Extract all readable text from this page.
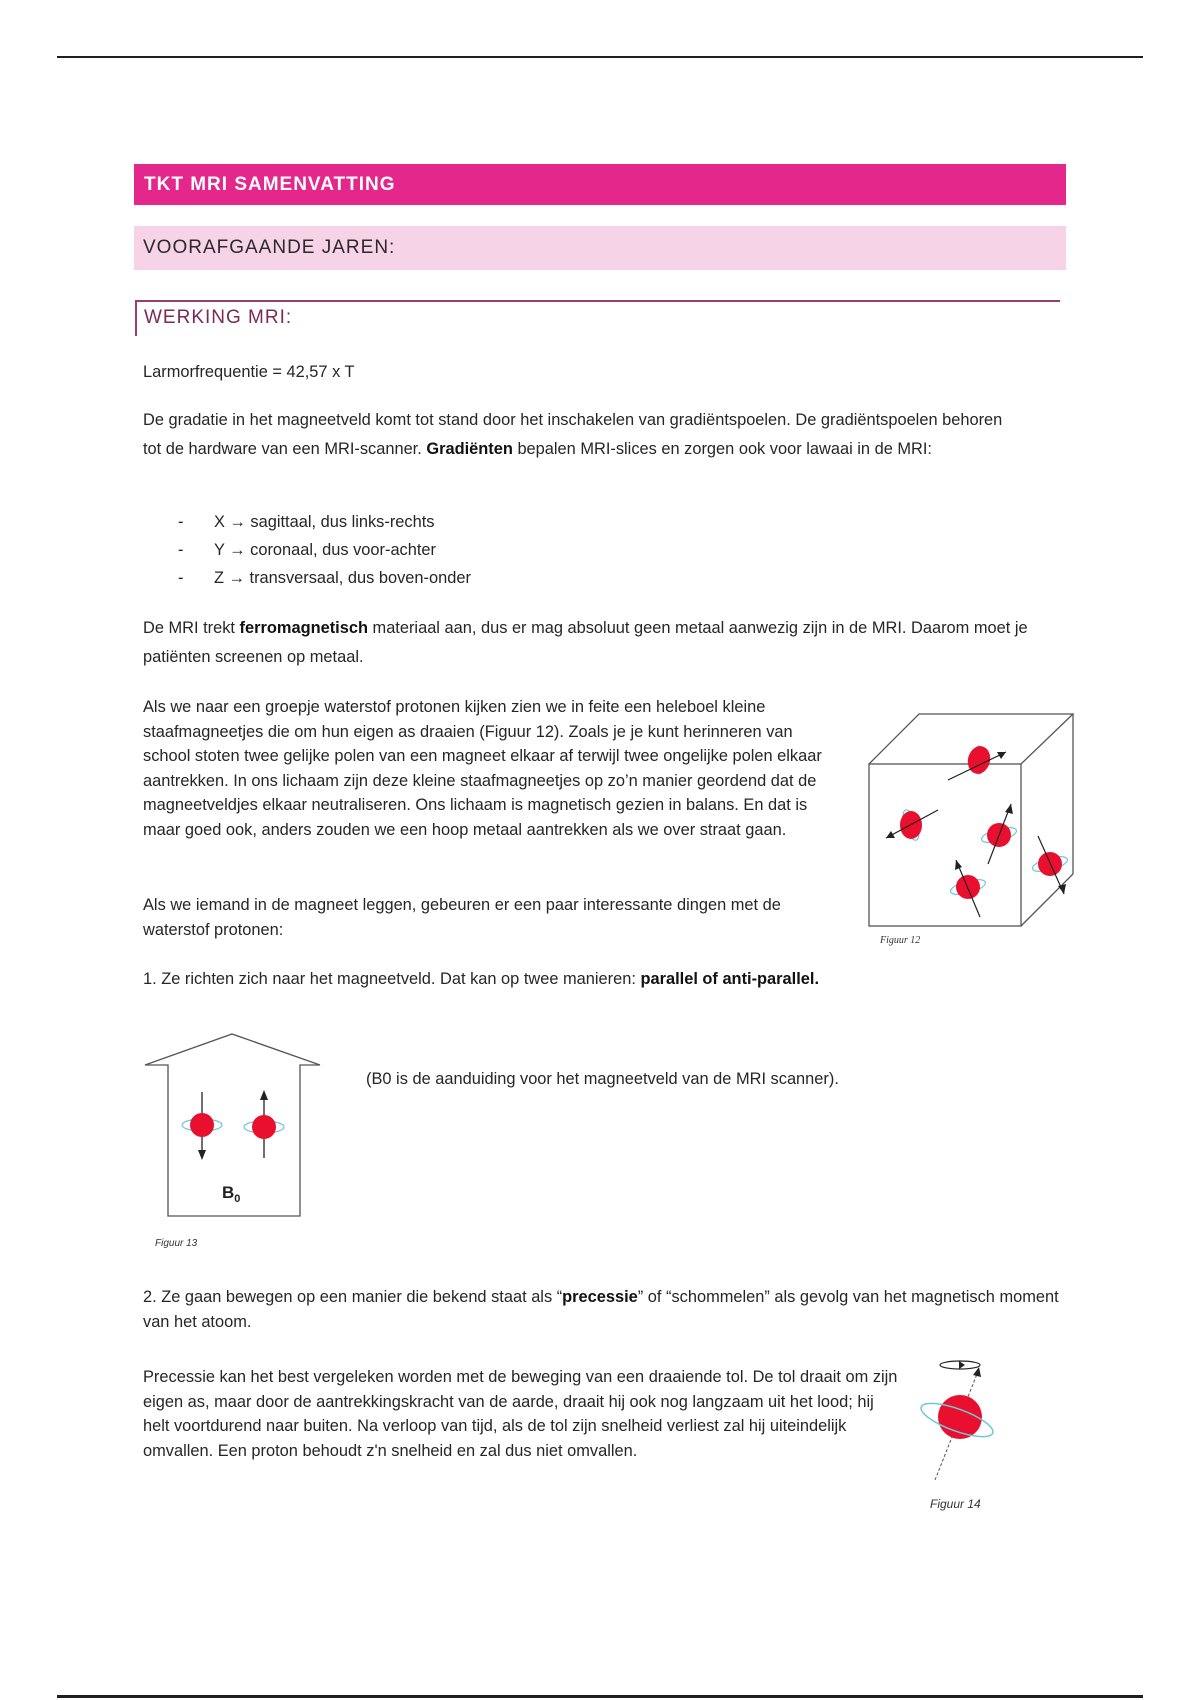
TKT MRI SAMENVATTING
VOORAFGAANDE JAREN:
WERKING MRI:
Larmorfrequentie = 42,57 x T
De gradatie in het magneetveld komt tot stand door het inschakelen van gradiëntspoelen. De gradiëntspoelen behoren tot de hardware van een MRI-scanner. Gradiënten bepalen MRI-slices en zorgen ook voor lawaai in de MRI:
-	X → sagittaal, dus links-rechts
-	Y → coronaal, dus voor-achter
-	Z → transversaal, dus boven-onder
De MRI trekt ferromagnetisch materiaal aan, dus er mag absoluut geen metaal aanwezig zijn in de MRI. Daarom moet je patiënten screenen op metaal.
Als we naar een groepje waterstof protonen kijken zien we in feite een heleboel kleine staafmagneetjes die om hun eigen as draaien (Figuur 12). Zoals je je kunt herinneren van school stoten twee gelijke polen van een magneet elkaar af terwijl twee ongelijke polen elkaar aantrekken. In ons lichaam zijn deze kleine staafmagneetjes op zo’n manier geordend dat de magneetveldjes elkaar neutraliseren. Ons lichaam is magnetisch gezien in balans. En dat is maar goed ook, anders zouden we een hoop metaal aantrekken als we over straat gaan.
Als we iemand in de magneet leggen, gebeuren er een paar interessante dingen met de waterstof protonen:
Figuur 12
1. Ze richten zich naar het magneetveld. Dat kan op twee manieren: parallel of anti-parallel.
$B_0$
Figuur 13
(B0 is de aanduiding voor het magneetveld van de MRI scanner).
2. Ze gaan bewegen op een manier die bekend staat als “precessie” of “schommelen” als gevolg van het magnetisch moment van het atoom.
Precessie kan het best vergeleken worden met de beweging van een draaiende tol. De tol draait om zijn eigen as, maar door de aantrekkingskracht van de aarde, draait hij ook nog langzaam uit het lood; hij helt voortdurend naar buiten. Na verloop van tijd, als de tol zijn snelheid verliest zal hij uiteindelijk omvallen. Een proton behoudt z'n snelheid en zal dus niet omvallen.
Figuur 14
